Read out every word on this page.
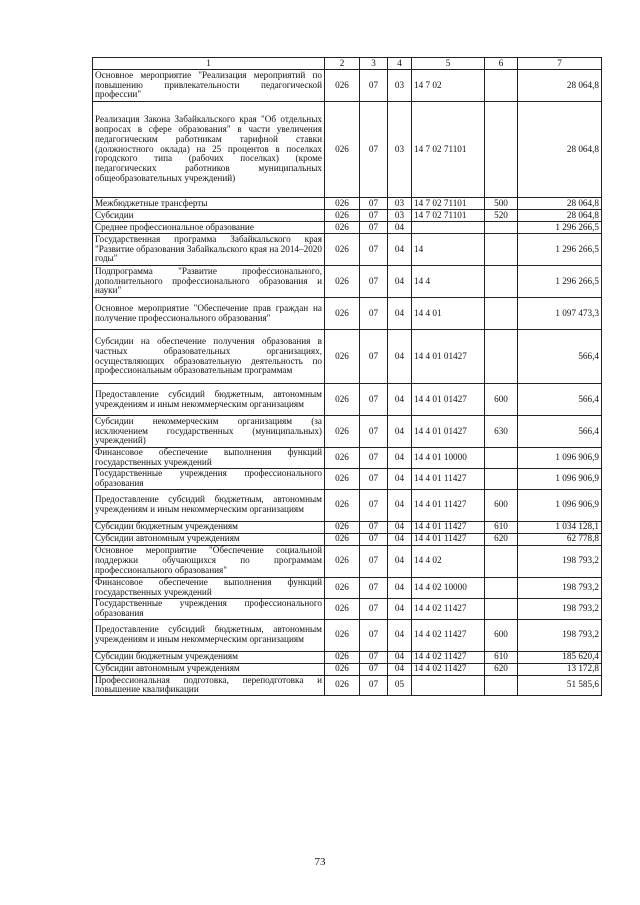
1	2	3	4	5	6	7
Основное мероприятие "Реализация мероприятий по повышению привлекательности педагогической профессии"	026	07	03	14 7 02		28 064,8
Реализация Закона Забайкальского края "Об отдельных вопросах в сфере образования" в части увеличения педагогическим работникам тарифной ставки (должностного оклада) на 25 процентов в поселках городского типа (рабочих поселках) (кроме педагогических работников муниципальных общеобразовательных учреждений)	026	07	03	14 7 02 71101		28 064,8
Межбюджетные трансферты	026	07	03	14 7 02 71101	500	28 064,8
Субсидии	026	07	03	14 7 02 71101	520	28 064,8
Среднее профессиональное образование	026	07	04			1 296 266,5
Государственная программа Забайкальского края "Развитие образования Забайкальского края на 2014–2020 годы"	026	07	04	14		1 296 266,5
Подпрограмма "Развитие профессионального, дополнительного профессионального образования и науки"	026	07	04	14 4		1 296 266,5
Основное мероприятие "Обеспечение прав граждан на получение профессионального образования"	026	07	04	14 4 01		1 097 473,3
Субсидии на обеспечение получения образования в частных образовательных организациях, осуществляющих образовательную деятельность по профессиональным образовательным программам	026	07	04	14 4 01 01427		566,4
Предоставление субсидий бюджетным, автономным учреждениям и иным некоммерческим организациям	026	07	04	14 4 01 01427	600	566,4
Субсидии некоммерческим организациям (за исключением государственных (муниципальных) учреждений)	026	07	04	14 4 01 01427	630	566,4
Финансовое обеспечение выполнения функций государственных учреждений	026	07	04	14 4 01 10000		1 096 906,9
Государственные учреждения профессионального образования	026	07	04	14 4 01 11427		1 096 906,9
Предоставление субсидий бюджетным, автономным учреждениям и иным некоммерческим организациям	026	07	04	14 4 01 11427	600	1 096 906,9
Субсидии бюджетным учреждениям	026	07	04	14 4 01 11427	610	1 034 128,1
Субсидии автономным учреждениям	026	07	04	14 4 01 11427	620	62 778,8
Основное мероприятие "Обеспечение социальной поддержки обучающихся по программам профессионального образования"	026	07	04	14 4 02		198 793,2
Финансовое обеспечение выполнения функций государственных учреждений	026	07	04	14 4 02 10000		198 793,2
Государственные учреждения профессионального образования	026	07	04	14 4 02 11427		198 793,2
Предоставление субсидий бюджетным, автономным учреждениям и иным некоммерческим организациям	026	07	04	14 4 02 11427	600	198 793,2
Субсидии бюджетным учреждениям	026	07	04	14 4 02 11427	610	185 620,4
Субсидии автономным учреждениям	026	07	04	14 4 02 11427	620	13 172,8
Профессиональная подготовка, переподготовка и повышение квалификации	026	07	05			51 585,6
73
